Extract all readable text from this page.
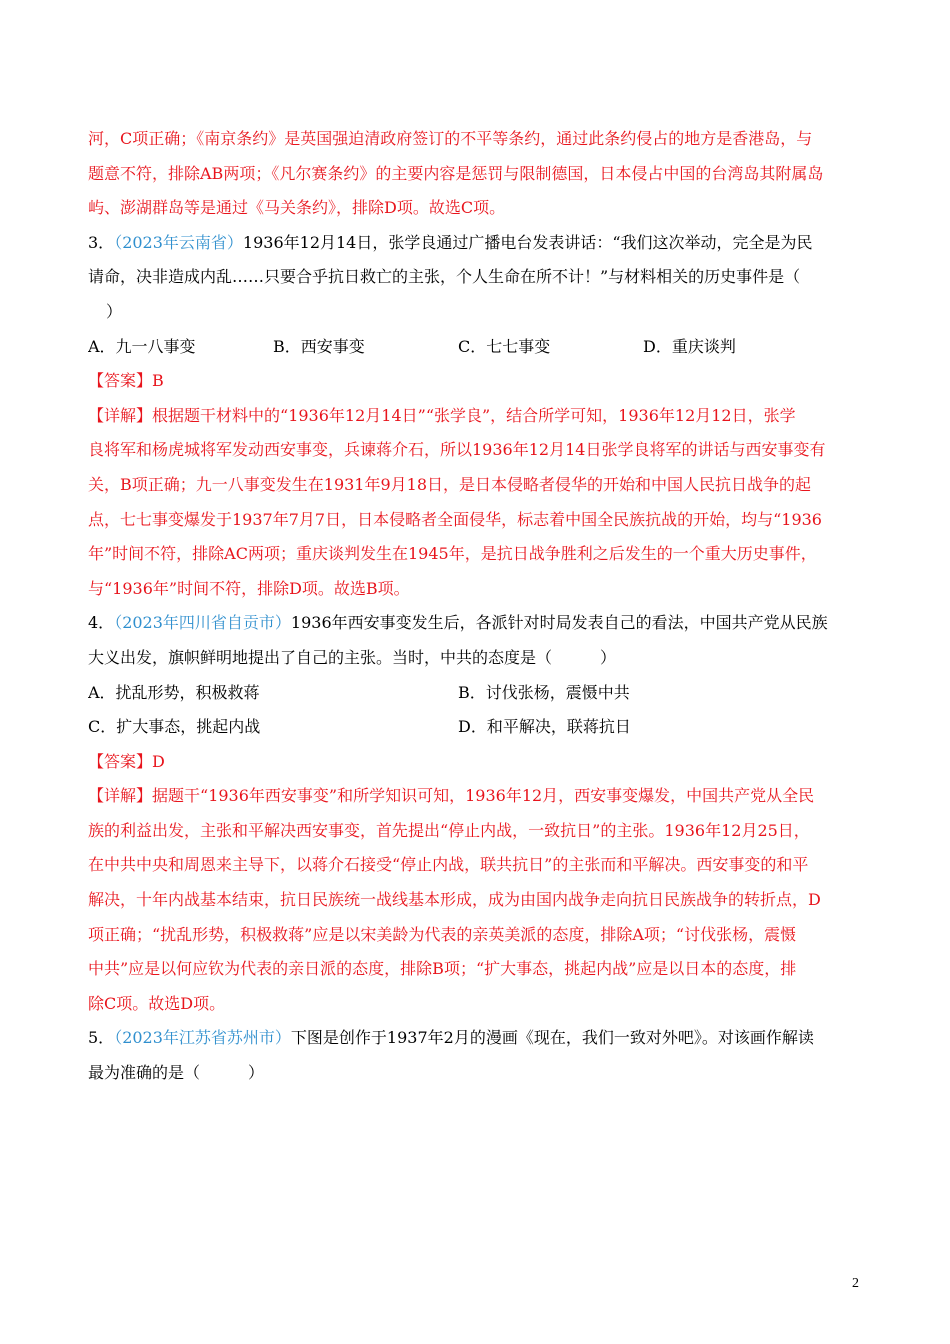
河，C项正确；《南京条约》是英国强迫清政府签订的不平等条约，通过此条约侵占的地方是香港岛，与
题意不符，排除AB两项；《凡尔赛条约》的主要内容是惩罚与限制德国，日本侵占中国的台湾岛其附属岛
屿、澎湖群岛等是通过《马关条约》，排除D项。故选C项。
3．（2023年云南省）1936年12月14日，张学良通过广播电台发表讲话：“我们这次举动，完全是为民
请命，决非造成内乱……只要合乎抗日救亡的主张，个人生命在所不计！”与材料相关的历史事件是（
）
A．九一八事变	B．西安事变	C．七七事变	D．重庆谈判
【答案】B
【详解】根据题干材料中的“1936年12月14日”“张学良”，结合所学可知，1936年12月12日，张学
良将军和杨虎城将军发动西安事变，兵谏蒋介石，所以1936年12月14日张学良将军的讲话与西安事变有
关，B项正确；九一八事变发生在1931年9月18日，是日本侵略者侵华的开始和中国人民抗日战争的起
点，七七事变爆发于1937年7月7日，日本侵略者全面侵华，标志着中国全民族抗战的开始，均与“1936
年”时间不符，排除AC两项；重庆谈判发生在1945年，是抗日战争胜利之后发生的一个重大历史事件，
与“1936年”时间不符，排除D项。故选B项。
4．（2023年四川省自贡市）1936年西安事变发生后，各派针对时局发表自己的看法，中国共产党从民族
大义出发，旗帜鲜明地提出了自己的主张。当时，中共的态度是（　　　）
A．扰乱形势，积极救蒋	B．讨伐张杨，震慑中共
C．扩大事态，挑起内战	D．和平解决，联蒋抗日
【答案】D
【详解】据题干“1936年西安事变”和所学知识可知，1936年12月，西安事变爆发，中国共产党从全民
族的利益出发，主张和平解决西安事变，首先提出“停止内战，一致抗日”的主张。1936年12月25日，
在中共中央和周恩来主导下，以蒋介石接受“停止内战，联共抗日”的主张而和平解决。西安事变的和平
解决，十年内战基本结束，抗日民族统一战线基本形成，成为由国内战争走向抗日民族战争的转折点，D
项正确；“扰乱形势，积极救蒋”应是以宋美龄为代表的亲英美派的态度，排除A项；“讨伐张杨，震慑
中共”应是以何应钦为代表的亲日派的态度，排除B项；“扩大事态，挑起内战”应是以日本的态度，排
除C项。故选D项。
5．（2023年江苏省苏州市）下图是创作于1937年2月的漫画《现在，我们一致对外吧》。对该画作解读
最为准确的是（　　　）
2
